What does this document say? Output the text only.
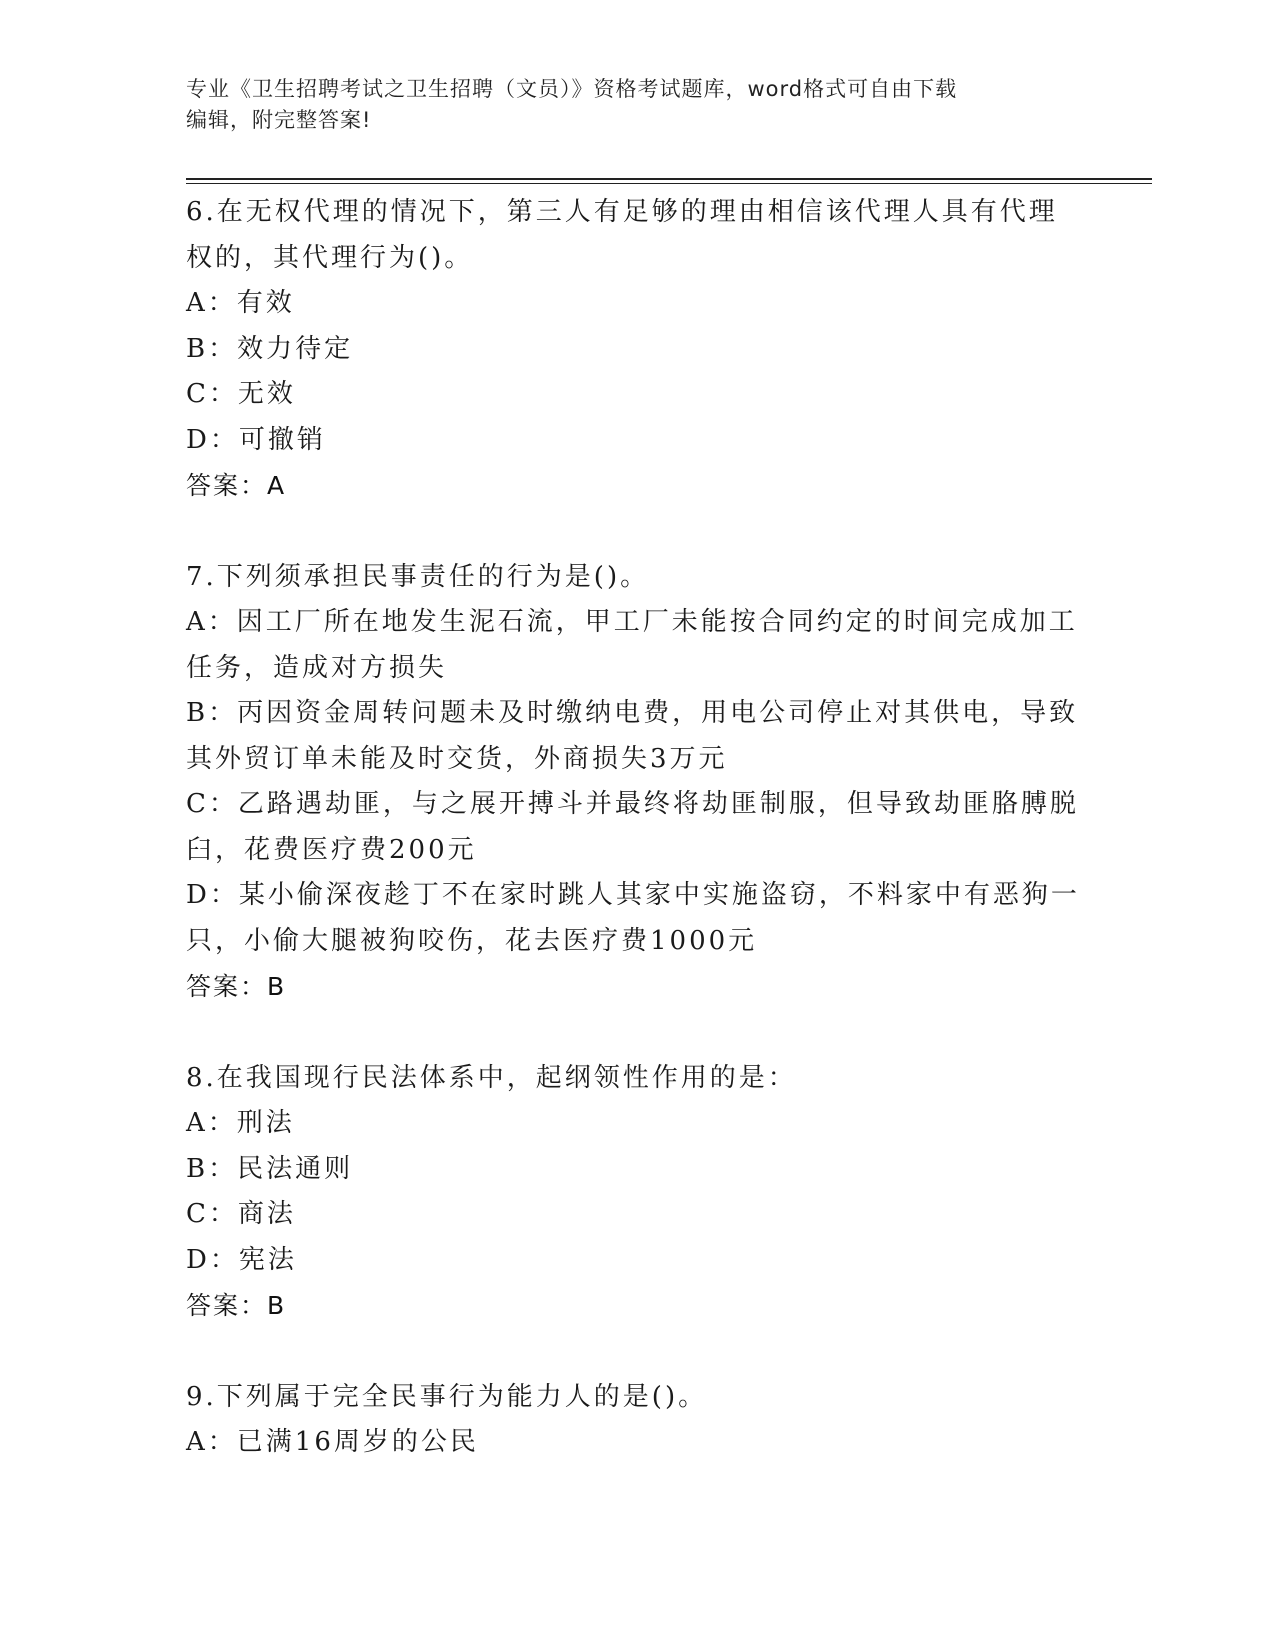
专业《卫生招聘考试之卫生招聘（文员）》资格考试题库，word格式可自由下载
编辑，附完整答案!
6.在无权代理的情况下，第三人有足够的理由相信该代理人具有代理权的，其代理行为()。
A：有效
B：效力待定
C：无效
D：可撤销
答案：A
7.下列须承担民事责任的行为是()。
A：因工厂所在地发生泥石流，甲工厂未能按合同约定的时间完成加工任务，造成对方损失
B：丙因资金周转问题未及时缴纳电费，用电公司停止对其供电，导致其外贸订单未能及时交货，外商损失3万元
C：乙路遇劫匪，与之展开搏斗并最终将劫匪制服，但导致劫匪胳膊脱臼，花费医疗费200元
D：某小偷深夜趁丁不在家时跳人其家中实施盗窃，不料家中有恶狗一只，小偷大腿被狗咬伤，花去医疗费1000元
答案：B
8.在我国现行民法体系中，起纲领性作用的是：
A：刑法
B：民法通则
C：商法
D：宪法
答案：B
9.下列属于完全民事行为能力人的是()。
A：已满16周岁的公民
